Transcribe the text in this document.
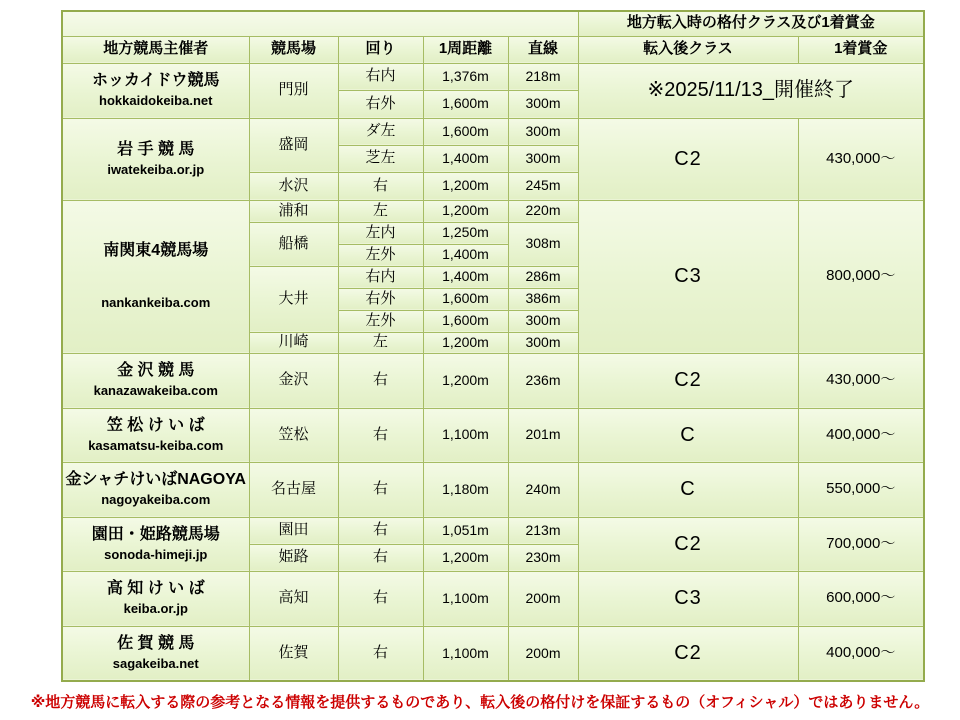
					地方転入時の格付クラス及び1着賞金	
地方競馬主催者	競馬場	回り	1周距離	直線	転入後クラス	1着賞金

ホッカイドウ競馬
hokkaidokeiba.net	門別	右内	1,376m	218m	※2025/11/13_開催終了	
		右外	1,600m	300m		

岩 手 競 馬
iwatekeiba.or.jp	盛岡	ダ左	1,600m	300m	C2	430,000〜
		芝左	1,400m	300m		
	水沢	右	1,200m	245m		

南関東4競馬場
nankankeiba.com	浦和	左	1,200m	220m	C3	800,000〜
	船橋	左内	1,250m	308m		
		左外	1,400m			
	大井	右内	1,400m	286m		
		右外	1,600m	386m		
		左外	1,600m	300m		
	川崎	左	1,200m	300m		

金 沢 競 馬
kanazawakeiba.com	金沢	右	1,200m	236m	C2	430,000〜

笠 松 け い ば
kasamatsu-keiba.com	笠松	右	1,100m	201m	C	400,000〜

金シャチけいばNAGOYA
nagoyakeiba.com	名古屋	右	1,180m	240m	C	550,000〜

園田・姫路競馬場
sonoda-himeji.jp	園田	右	1,051m	213m	C2	700,000〜
	姫路	右	1,200m	230m		

高 知 け い ば
keiba.or.jp	高知	右	1,100m	200m	C3	600,000〜

佐 賀 競 馬
sagakeiba.net	佐賀	右	1,100m	200m	C2	400,000〜
※地方競馬に転入する際の参考となる情報を提供するものであり、転入後の格付けを保証するもの（オフィシャル）ではありません。
